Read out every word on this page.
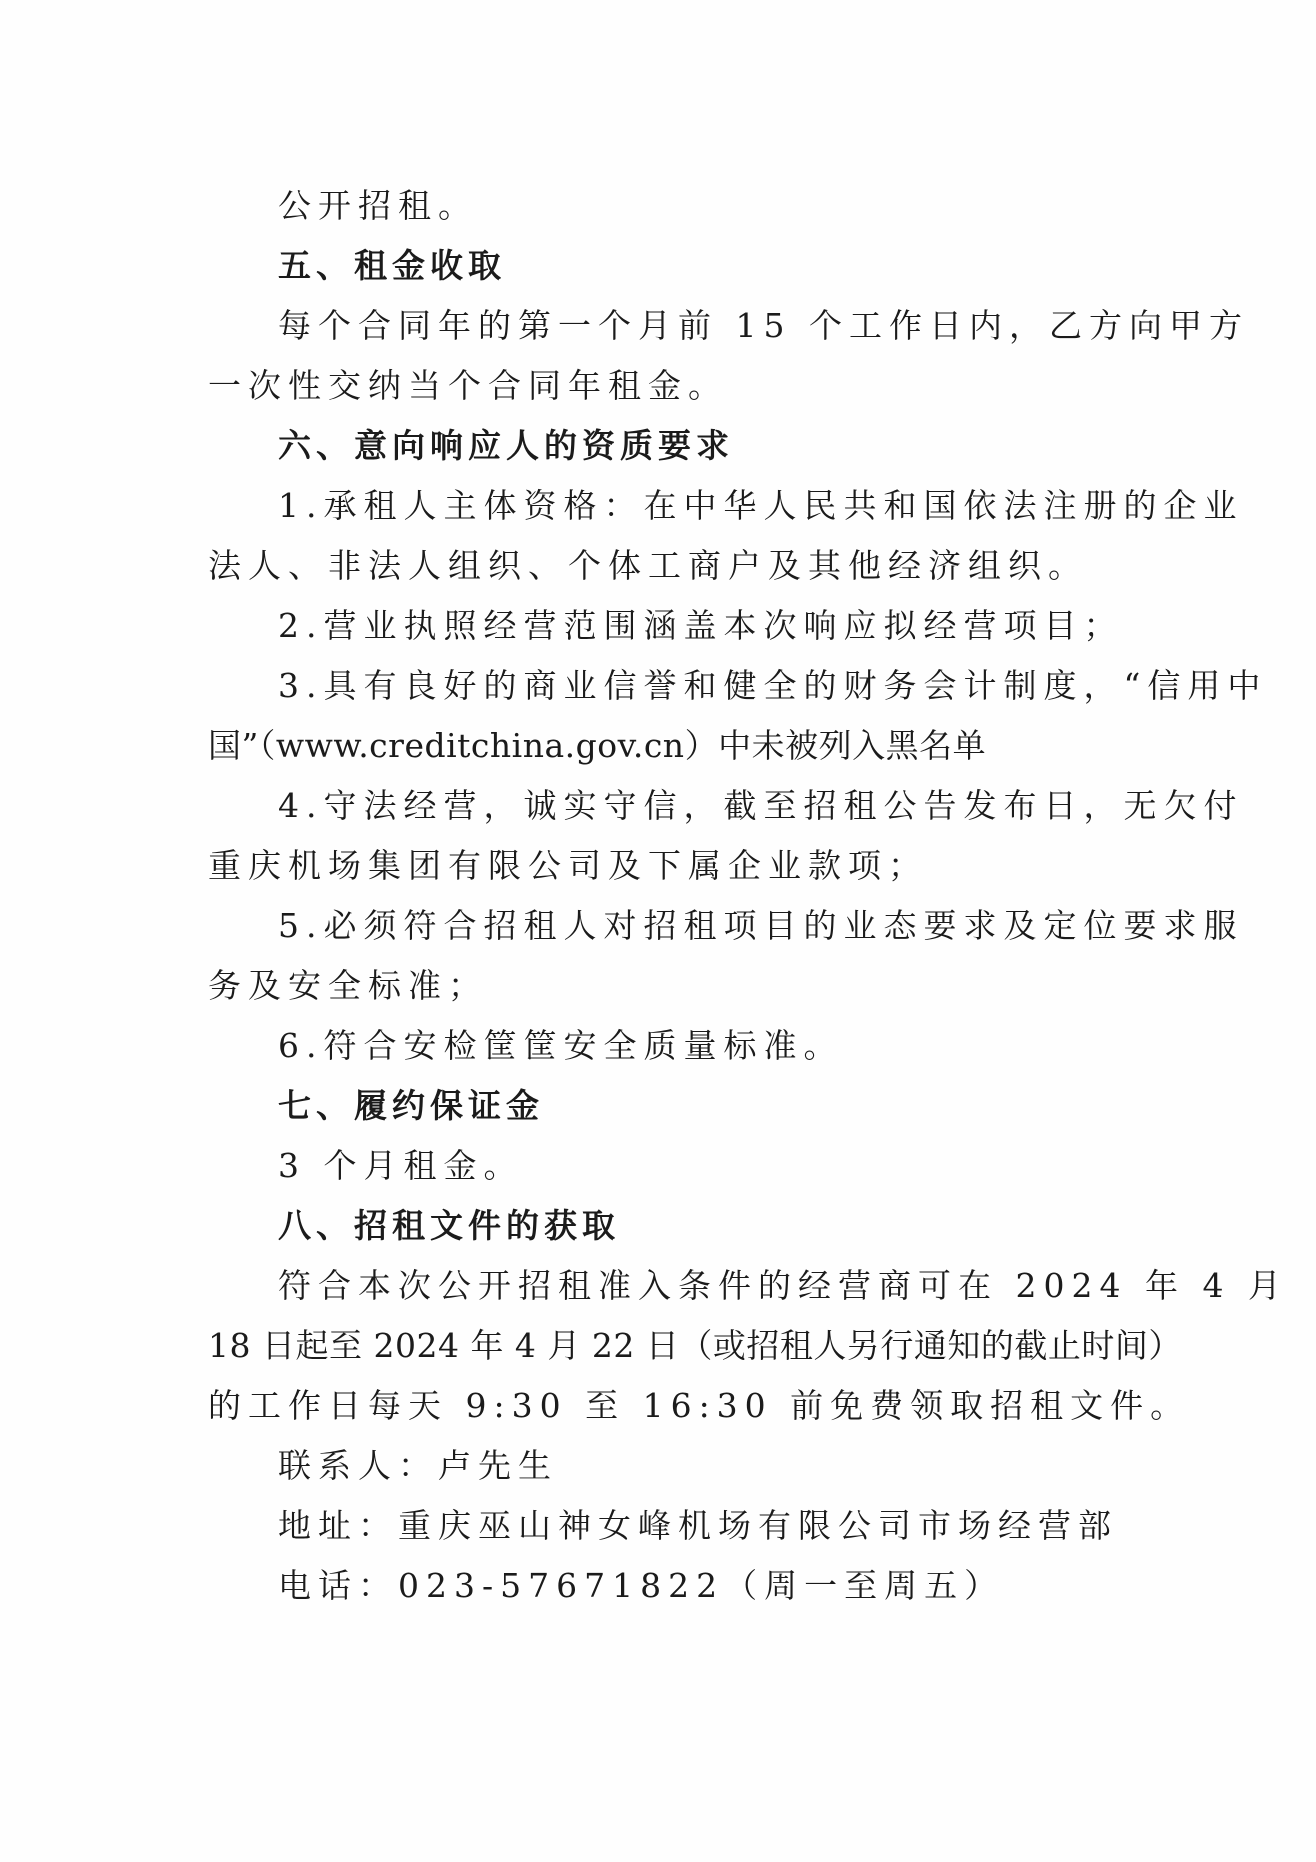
公开招租。
五、租金收取
每个合同年的第一个月前 15 个工作日内，乙方向甲方
一次性交纳当个合同年租金。
六、意向响应人的资质要求
1.承租人主体资格：在中华人民共和国依法注册的企业
法人、非法人组织、个体工商户及其他经济组织。
2.营业执照经营范围涵盖本次响应拟经营项目；
3.具有良好的商业信誉和健全的财务会计制度，“信用中
国”（www.creditchina.gov.cn）中未被列入黑名单
4.守法经营，诚实守信，截至招租公告发布日，无欠付
重庆机场集团有限公司及下属企业款项；
5.必须符合招租人对招租项目的业态要求及定位要求服
务及安全标准；
6.符合安检筐筐安全质量标准。
七、履约保证金
3 个月租金。
八、招租文件的获取
符合本次公开招租准入条件的经营商可在 2024 年 4 月
18 日起至 2024 年 4 月 22 日（或招租人另行通知的截止时间）
的工作日每天 9:30 至 16:30 前免费领取招租文件。
联系人：卢先生
地址：重庆巫山神女峰机场有限公司市场经营部
电话：023-57671822（周一至周五）
